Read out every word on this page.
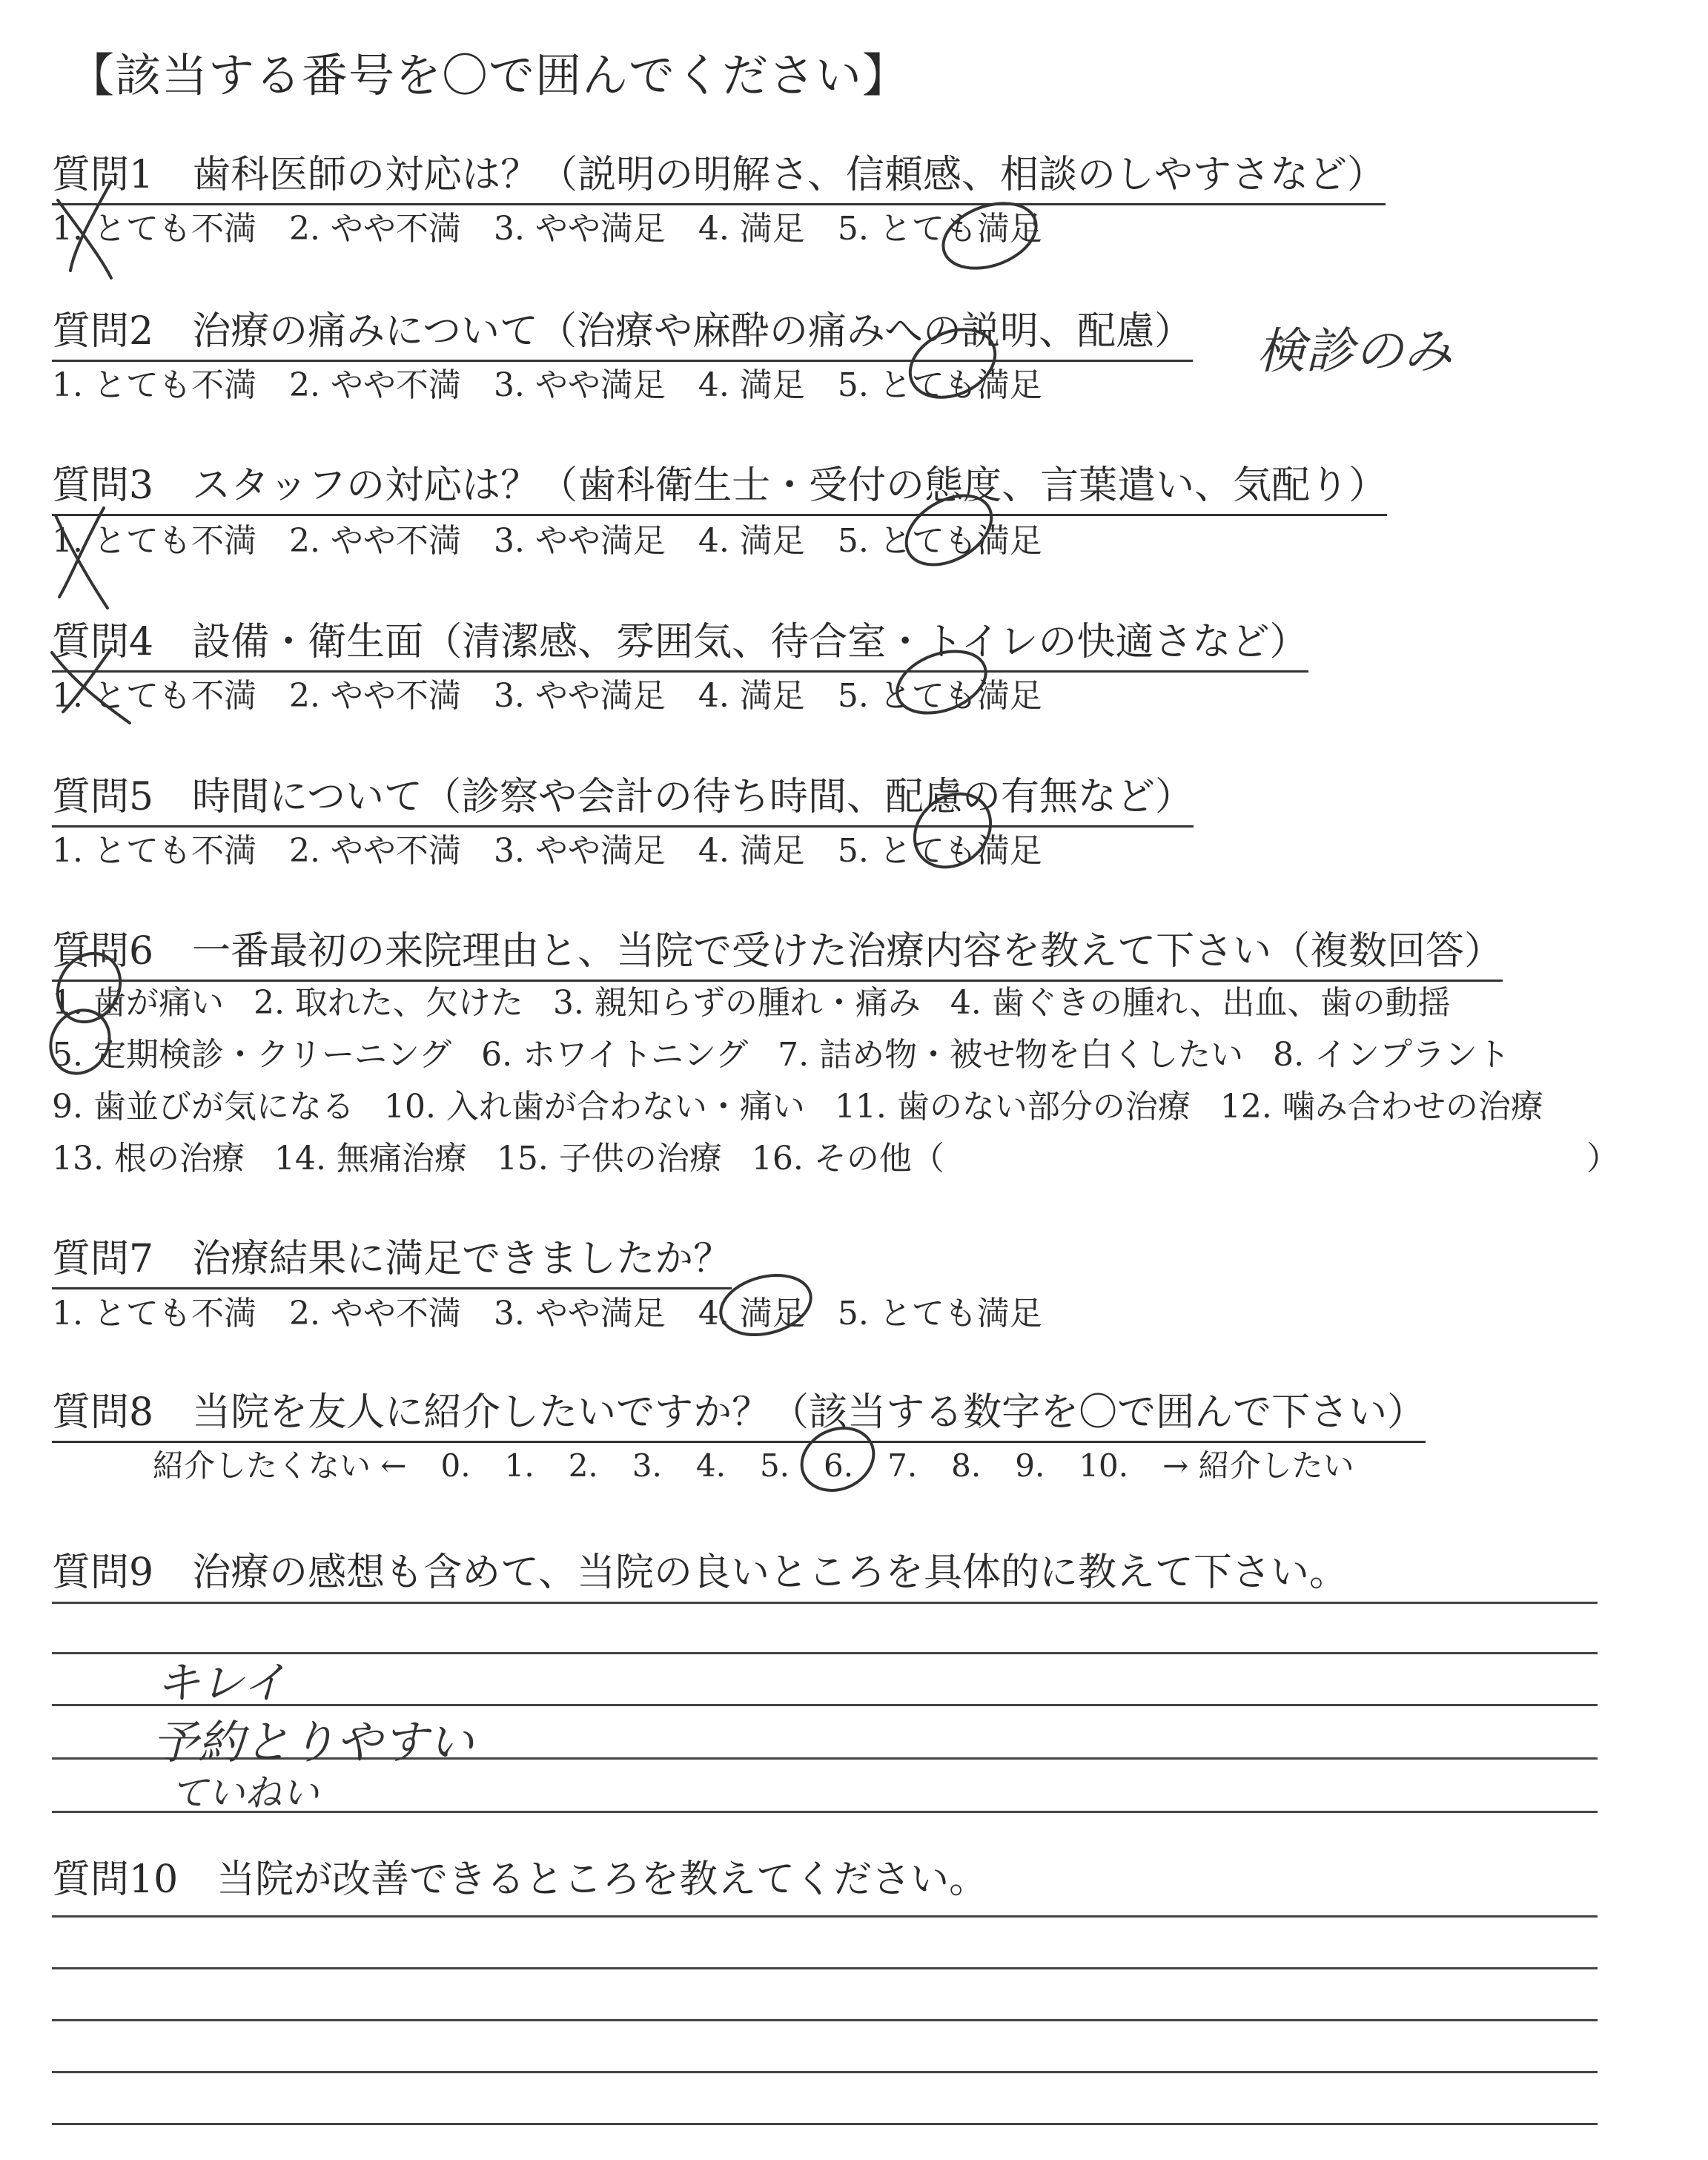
【該当する番号を〇で囲んでください】
質問1　歯科医師の対応は？（説明の明解さ、信頼感、相談のしやすさなど）
1. とても不満 2. やや不満 3. やや満足 4. 満足 5. とても満足
質問2　治療の痛みについて（治療や麻酔の痛みへの説明、配慮） 検診のみ
1. とても不満 2. やや不満 3. やや満足 4. 満足 5. とても満足
質問3　スタッフの対応は？（歯科衛生士・受付の態度、言葉遣い、気配り）
1. とても不満 2. やや不満 3. やや満足 4. 満足 5. とても満足
質問4　設備・衛生面（清潔感、雰囲気、待合室・トイレの快適さなど）
1. とても不満 2. やや不満 3. やや満足 4. 満足 5. とても満足
質問5　時間について（診察や会計の待ち時間、配慮の有無など）
1. とても不満 2. やや不満 3. やや満足 4. 満足 5. とても満足
質問6　一番最初の来院理由と、当院で受けた治療内容を教えて下さい（複数回答）
1. 歯が痛い 2. 取れた、欠けた 3. 親知らずの腫れ・痛み 4. 歯ぐきの腫れ、出血、歯の動揺
5. 定期検診・クリーニング 6. ホワイトニング 7. 詰め物・被せ物を白くしたい 8. インプラント
9. 歯並びが気になる 10. 入れ歯が合わない・痛い 11. 歯のない部分の治療 12. 噛み合わせの治療
13. 根の治療 14. 無痛治療 15. 子供の治療 16. その他（	）
質問7　治療結果に満足できましたか？
1. とても不満 2. やや不満 3. やや満足 4. 満足 5. とても満足
質問8　当院を友人に紹介したいですか？（該当する数字を〇で囲んで下さい）
紹介したくない ← 0. 1. 2. 3. 4. 5. 6. 7. 8. 9. 10. → 紹介したい
質問9　治療の感想も含めて、当院の良いところを具体的に教えて下さい。
キレイ
予約とりやすい
ていねい
質問10　当院が改善できるところを教えてください。
